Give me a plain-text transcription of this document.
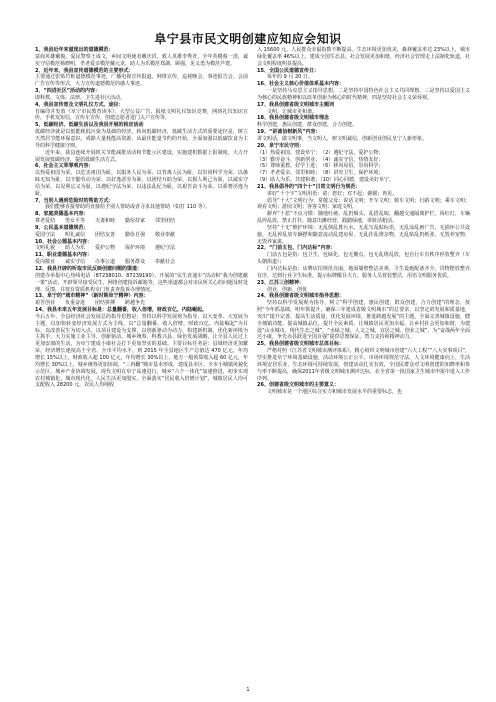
阜宁县市民文明创建应知应会知识

1、我县近年来滋现出的道德模范：

富商英雄戴俊，爱民警察王成文，乡间文明使者戴庆洪，救人英雄李秀青，全年英模蔡一清，诚实守信模范杨晓明，孝老爱亲模范戴元龙，助人为乐模范郑湖、顾强，见义勇为模范芦建。

2、近年来，我县宣传道德模范的主要形式：

主要通过张贴竹桩道德模范事迹，广播电视宣传报道，网络宣传，巡视晚会，事迹报告会，会前广告宣传等形式，大力宣传道德模范的感人事迹。

3、“四进社区”活动的内容：

即科教、文体、法律、卫生进社区活动。

4、我县宣传普及文明礼仪方式、途径：

有编印并发放《阜宁市民教育读本》，大型公益广告，报纸文明礼仪知识竞赛，网络礼仪知识宣传，手机发短信，宣传车宣传，创建志愿者进门入户宣传等。

5、低碳经济、低碳生活以及我县开展的相应活动

低碳经济就是以低能耗低污染为基础的经济，转向低碳经济，低碳生活方式的重要途径是，树立天然居节能环保意识，戒除大量耗能高资源，从最佳能量节约的开始，全面加强以低碳饮食为主导的科学健康守则。

近年来，我县连续开展机关节能减排活动和节能示区建设，实施建机数据上报制度，大力开展发展低碳经济，提倡低碳生活方式。

6、社会主义荣辱观内容：

以热爱祖国为荣、以危害祖国为耻，以服务人民为荣、以背离人民为耻，以崇尚科学为荣、以愚昧无知为耻，以辛勤劳动为荣、以好逸恶劳为耻，以团结互助为荣、以损人利己为耻，以诚实守信为荣、以见利忘义为耻，以遵纪守法为荣、以违法乱纪为耻，以艰苦奋斗为荣、以骄奢淫逸为耻。

7、当别人遇到危险时的帮助方式：

我们能够直接帮助的直接给予别人帮助或者寻求其他帮助（如打 110 等）。

8、家庭美德基本内容：

尊老爱幼　　男女平等　　夫妻和睦　　勤俭持家　　邻里团结

9、公民基本道德规范：

爱国守法　　明礼诚信　　团结友善　　勤俭自强　　敬业奉献

10、社会公德基本内容：

文明礼貌　　助人为乐　　爱护公物　　保护环境　　遵纪守法

11、职业道德基本内容：

爱岗敬业　　诚实守信　　办事公道　　服务群众　　奉献社会

12、我县开辟的听取市民反映创建问题的渠道：

创建办举报中心热线电话（87238010、87239190），开展的“民生直通车”活动和“我为创建献一策”活动，开辟领导接受民生，网络创建投诉邮箱等，这些渠道都会对市民所关心的问题及时处理、反馈，并按有资质机构专门负责查投诉办理情况。

13、阜宁的“城市精神”（新时期阜宁精神）内容：

艰苦创业　　负重奋进　　团结拼搏　　跨越争先

14、我县未来五年发展目标是：总量翻番，收入倍增，财政百亿，内陆崛起。

今后五年，全县经济社会发展总的指导思想是：坚持以科学发展观为指导，以大变革、大发展为主题，以加快转变经济发展方式为主线，以“总量翻番、收入倍增、财政百亿、内陆崛起”为目标，以改善民生为切入点，以项目建设为支撑，以创新驱动为动力，构建新机制、优化新环境为主抓手，大力实施工业主导、创新驱动、城乡统筹、科教兴县、绿色发展战略，让全县人民过上更加安康的生活，为阜宁建成小康社会打下更加坚实的基础。主要目标任务是：县域经济更加繁荣，经济增长速度高于全省、全市平均水平，到 2015 年全县地区生产总值达 470 亿元，年均增长 15%以上，财政收入超 100 亿元，年均增长 30%以上，地方一般预算收入超 60 亿元，年均增长 30%以上，城乡统筹更加协调，“三再翻”城市基本形成，建成县市区、全市小城镇风貌化示范区，城乡产业协调发展，现代文明在阜宁高速进行，城乡“六个一体化”加速推进，初步实现农村城镇化，城市现代化，人民生活更加殷实，全面落实“居民收入倍增计划”，城镇居民人均可支配收入 28200 元，农民人均纯收

入 15600 元，人民群众幸福指数不断提高。生态环境更加优美，森林覆盖率达 23%以上，城市绿化覆盖率 46%以上，建成全国生态县。社会发展更加和谐，经济社会管理走上法制化轨道，社会文明程度明显提高。

15、全国公民道德宣传日：

每年的 9 月 20 日。

16、社会主义核心价值体系基本内容：

一是坚持马克思主义指导思想，二是坚持中国特色社会主义共同理想，三是坚持以爱国主义为核心的民族精神和以改革创新为核心的时代精神，四是坚持社会主义荣辱观。

17、我县创建省级文明城市主题词

文明、让城市更和谐。

18、我县创建省级文明城市理念

科学创建，惠民创建，群众创建，合力创建。

19、“讲诚信树新风”内容：

讲文明话，做文明事，当文明人，树文明诚信，创新创业创民皇宁人新形象。

20、阜宁市民守则：

（1）热爱祖国，建设阜宁；　（2）遵纪守法，爱护公物；

（3）勤劳奋斗，创新创业；　（4）诚实守信，热情友好；

（5）尊师重教，好学上进；　（6）移风易俗，崇尚科学；

（7）孝老爱亲，邻里和睦；　（8）讲究卫生，保护环境；

（9）助人为乐，共建和谐；（10）同心同德，建设美好阜宁。

21、我县倡导的“四个十”日常文明行为规范：

讲好“十个字”文明用语：请；您好；对不起；谢谢；再见。

倡导“十大”文明行为：常敬父母；说话文明；开车文明；骑车文明；行路文明；乘车文明；观看文明；游园文明；客客文明；家庭文明。

摒弃“十恶”不良习惯：随地吐痰，乱扔烟头，乱搭乱晾，翻越交通隔离护栏，闯红灯，车辆乱停乱放，禁止打扑，随意出摊经营，践踏绿地，讲脏话粗话。

坚持“十无”维护环境：无乱倒乱排污水，无乱写乱贴标语，无乱涂乱画广告，无损坏公共设施，无乱停乱放车辆摆和随意流动乱建房屋，无乱挂乱堆杂物，无乱贴乱扔纸张，无毁养宠物，无毁养家禽。

22、“门前五包、门内达标”内容：

门前五包是指：包卫生，包绿化，包无摊点，包无乱堆乱放，包自行车有秩序停放整齐（车头朝街道）；

门内达标是指：店牌店招规范亮丽，地面墙壁整洁美观，卫生设施配备齐全，货物摆放整齐有序，达到行业卫生标准。提示标牌醒目大方，服务人员着装整洁，用语文明服务优质。

23、江苏三创精神：

创业、创新、创优

24、我县创建省级文明城市指导思想：

坚持以科学发展观为指导，树立“科学创建，惠民创建，群众创建，合力创建”的理念，按照“今年抓基础，明年抓提升，确保三年建成省级文明城市”的总要求，以坚定的发展和质量地，突出“提升完善，提高生活质量，优化发展环境，推进跨越发展”的主题，全面完善城镇设施，健全城镇功能，提高城镇品位，提升全民素质，让城镇居民更加幸福，让乡村社会更加和谐，为建设“山水城市、现代生态之城”，“水绿之城、人文之城、宜居之城、创业之城”，为“奋战两年全面达小康，争先赤县跃进全国百强”提供思想保证、智力支持和精神动力。

25、我县创建省级文明城市总体目标：

严格对照《江苏省文明城市测评体系》，精心组织文明城市创建“六大工程”“八大实事项目”，坚实推进阜宁环境基础设施，活动环境公正公平、市场环境规范守法、人文环境健康向上、生活环境安居乐业，生态环境可持续发展，创建活动扎实有效，全国民群众对文明创建的知晓率和参与率不断提高，确保2011年省级文明城市测评达标，在全省第一批国家卫生城市申报中进入工作序列。

26、创建省级文明城市的主要意义：

文明城市是一个地区综合实力和城市发展水平的重要标志，也

1
